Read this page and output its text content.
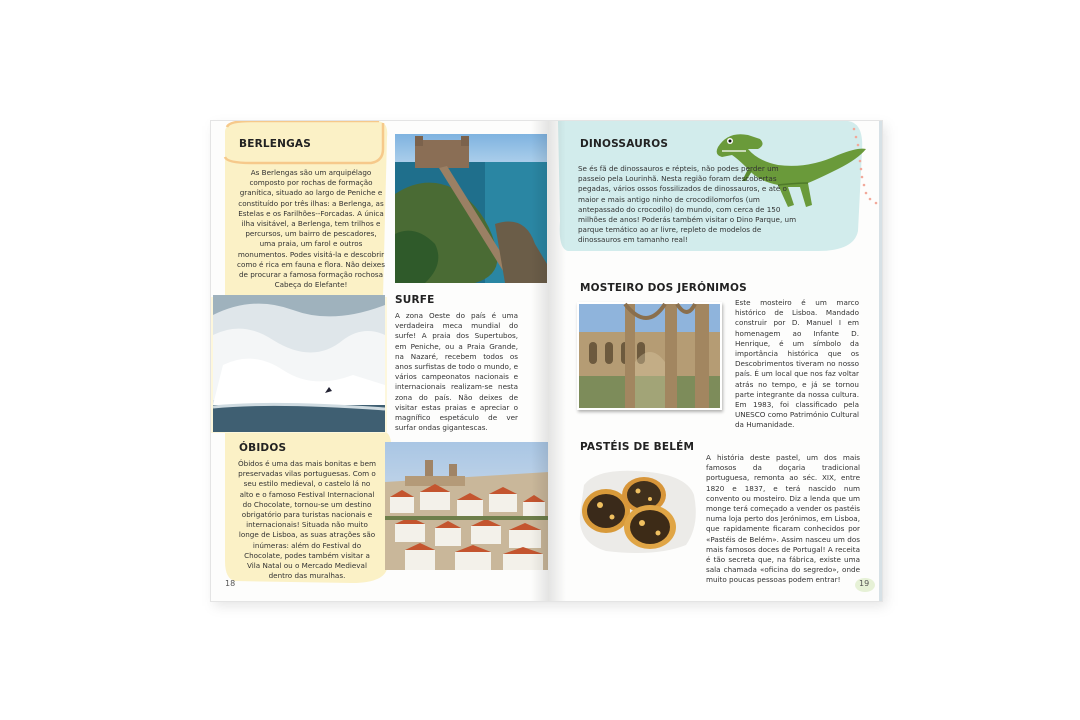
BERLENGAS
As Berlengas são um arquipélago composto por rochas de formação granítica, situado ao largo de Peniche e constituído por três ilhas: a Berlenga, as Estelas e os Farilhões--Forcadas. A única ilha visitável, a Berlenga, tem trilhos e percursos, um bairro de pescadores, uma praia, um farol e outros monumentos. Podes visitá-la e descobrir como é rica em fauna e flora. Não deixes de procurar a famosa formação rochosa Cabeça do Elefante!
SURFE
A zona Oeste do país é uma verdadeira meca mundial do surfe! A praia dos Supertubos, em Peniche, ou a Praia Grande, na Nazaré, recebem todos os anos surfistas de todo o mundo, e vários campeonatos nacionais e internacionais realizam-se nesta zona do país. Não deixes de visitar estas praias e apreciar o magnífico espetáculo de ver surfar ondas gigantescas.
ÓBIDOS
Óbidos é uma das mais bonitas e bem preservadas vilas portuguesas. Com o seu estilo medieval, o castelo lá no alto e o famoso Festival Internacional do Chocolate, tornou-se um destino obrigatório para turistas nacionais e internacionais! Situada não muito longe de Lisboa, as suas atrações são inúmeras: além do Festival do Chocolate, podes também visitar a Vila Natal ou o Mercado Medieval dentro das muralhas.
18
DINOSSAUROS
Se és fã de dinossauros e répteis, não podes perder um passeio pela Lourinhã. Nesta região foram descobertas pegadas, vários ossos fossilizados de dinossauros, e até o maior e mais antigo ninho de crocodilomorfos (um antepassado do crocodilo) do mundo, com cerca de 150 milhões de anos! Poderás também visitar o Dino Parque, um parque temático ao ar livre, repleto de modelos de dinossauros em tamanho real!
MOSTEIRO DOS JERÓNIMOS
Este mosteiro é um marco histórico de Lisboa. Mandado construir por D. Manuel I em homenagem ao Infante D. Henrique, é um símbolo da importância histórica que os Descobrimentos tiveram no nosso país. É um local que nos faz voltar atrás no tempo, e já se tornou parte integrante da nossa cultura. Em 1983, foi classificado pela UNESCO como Património Cultural da Humanidade.
PASTÉIS DE BELÉM
A história deste pastel, um dos mais famosos da doçaria tradicional portuguesa, remonta ao séc. XIX, entre 1820 e 1837, e terá nascido num convento ou mosteiro. Diz a lenda que um monge terá começado a vender os pastéis numa loja perto dos Jerónimos, em Lisboa, que rapidamente ficaram conhecidos por «Pastéis de Belém». Assim nasceu um dos mais famosos doces de Portugal! A receita é tão secreta que, na fábrica, existe uma sala chamada «oficina do segredo», onde muito poucas pessoas podem entrar!	19
